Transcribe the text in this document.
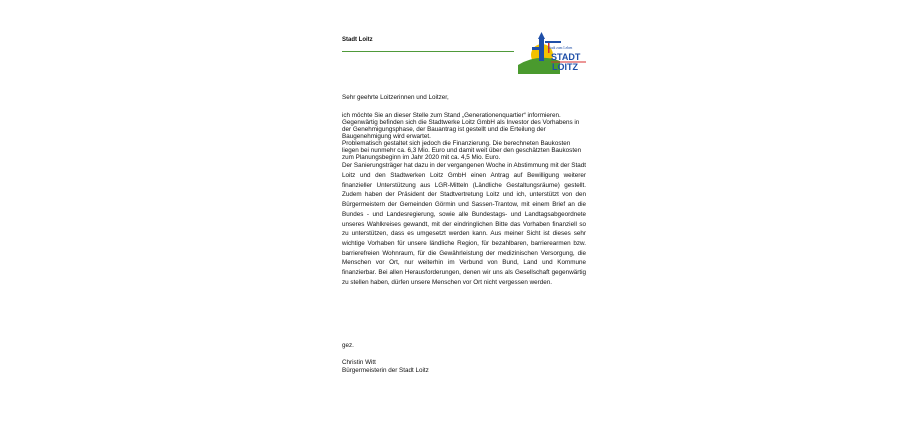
Stadt Loitz
Stadt zum Leben
STADT
LOITZ

Sehr geehrte Loitzerinnen und Loitzer,

ich möchte Sie an dieser Stelle zum Stand „Generationenquartier“ informieren.

Gegenwärtig befinden sich die Stadtwerke Loitz GmbH als Investor des Vorhabens in der Genehmigungsphase, der Bauantrag ist gestellt und die Erteilung der Baugenehmigung wird erwartet.

Problematisch gestaltet sich jedoch die Finanzierung. Die berechneten Baukosten liegen bei nunmehr ca. 6,3 Mio. Euro und damit weit über den geschätzten Baukosten zum Planungsbeginn im Jahr 2020 mit ca. 4,5 Mio. Euro.

Der Sanierungsträger hat dazu in der vergangenen Woche in Abstimmung mit der Stadt Loitz und den Stadtwerken Loitz GmbH einen Antrag auf Bewilligung weiterer finanzieller Unterstützung aus LGR-Mitteln (Ländliche Gestaltungsräume) gestellt. Zudem haben der Präsident der Stadtvertretung Loitz und ich, unterstützt von den Bürgermeistern der Gemeinden Görmin und Sassen-Trantow, mit einem Brief an die Bundes - und Landesregierung, sowie alle Bundestags- und Landtagsabgeordnete unseres Wahlkreises gewandt, mit der eindringlichen Bitte das Vorhaben finanziell so zu unterstützen, dass es umgesetzt werden kann. Aus meiner Sicht ist dieses sehr wichtige Vorhaben für unsere ländliche Region, für bezahlbaren, barrierearmen bzw. barrierefreien Wohnraum, für die Gewährleistung der medizinischen Versorgung, die Menschen vor Ort, nur weiterhin im Verbund von Bund, Land und Kommune finanzierbar. Bei allen Herausforderungen, denen wir uns als Gesellschaft gegenwärtig zu stellen haben, dürfen unsere Menschen vor Ort nicht vergessen werden.

gez.

Christin Witt

Bürgermeisterin der Stadt Loitz
